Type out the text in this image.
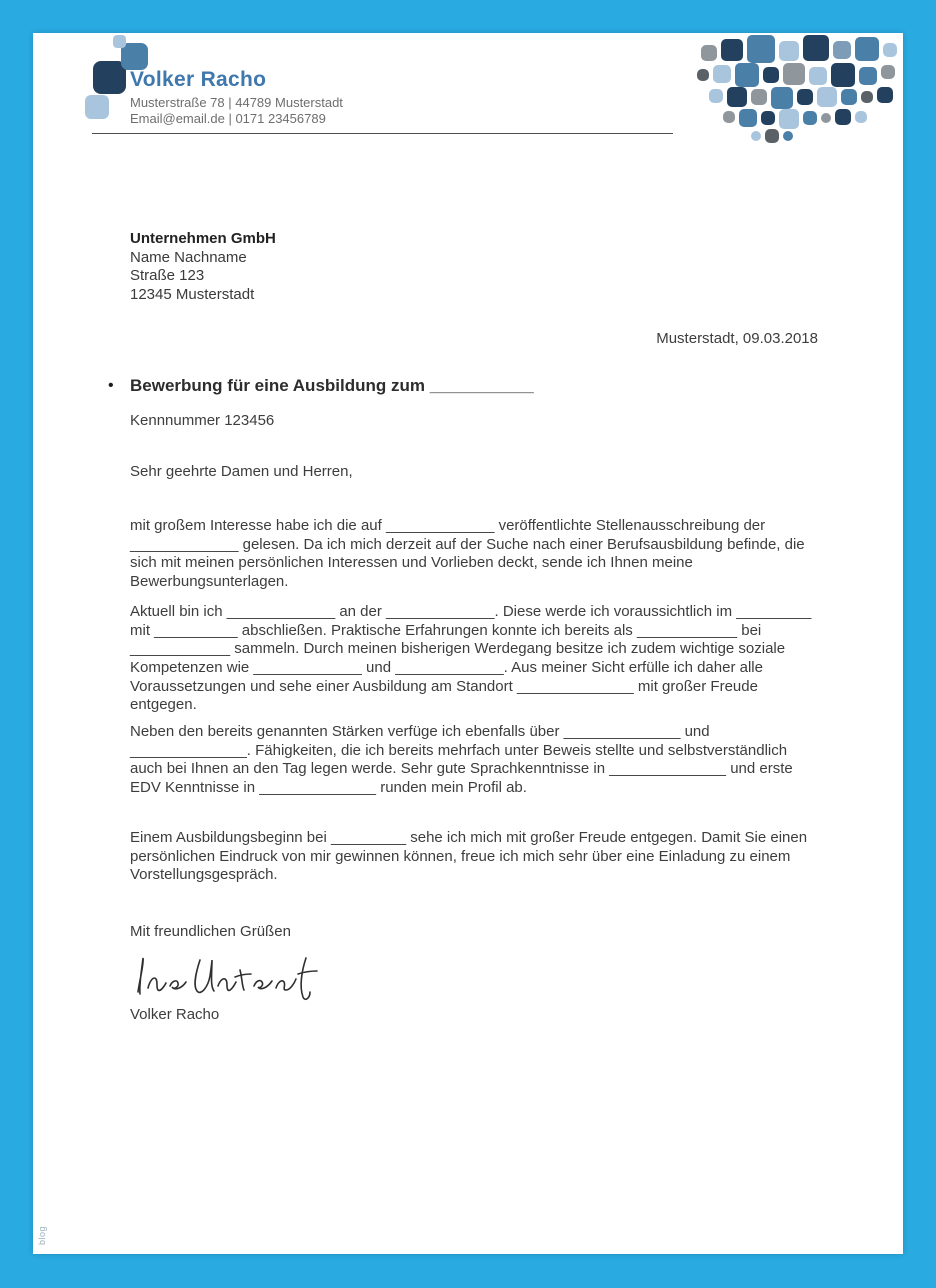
Volker Racho
Musterstraße 78 | 44789 Musterstadt
Email@email.de | 0171 23456789
Unternehmen GmbH
Name Nachname
Straße 123
12345 Musterstadt
Musterstadt, 09.03.2018
• Bewerbung für eine Ausbildung zum ___________
Kennnummer 123456
Sehr geehrte Damen und Herren,

mit großem Interesse habe ich die auf _____________ veröffentlichte Stellenausschreibung der _____________ gelesen. Da ich mich derzeit auf der Suche nach einer Berufsausbildung befinde, die sich mit meinen persönlichen Interessen und Vorlieben deckt, sende ich Ihnen meine Bewerbungsunterlagen.

Aktuell bin ich _____________ an der _____________. Diese werde ich voraussichtlich im _________ mit __________ abschließen. Praktische Erfahrungen konnte ich bereits als ____________ bei ____________ sammeln. Durch meinen bisherigen Werdegang besitze ich zudem wichtige soziale Kompetenzen wie _____________ und _____________. Aus meiner Sicht erfülle ich daher alle Voraussetzungen und sehe einer Ausbildung am Standort ______________ mit großer Freude entgegen.

Neben den bereits genannten Stärken verfüge ich ebenfalls über ______________ und ______________. Fähigkeiten, die ich bereits mehrfach unter Beweis stellte und selbstverständlich auch bei Ihnen an den Tag legen werde. Sehr gute Sprachkenntnisse in ______________ und erste EDV Kenntnisse in ______________ runden mein Profil ab.

Einem Ausbildungsbeginn bei _________ sehe ich mich mit großer Freude entgegen. Damit Sie einen persönlichen Eindruck von mir gewinnen können, freue ich mich sehr über eine Einladung zu einem Vorstellungsgespräch.

Mit freundlichen Grüßen

Volker Racho

blog
